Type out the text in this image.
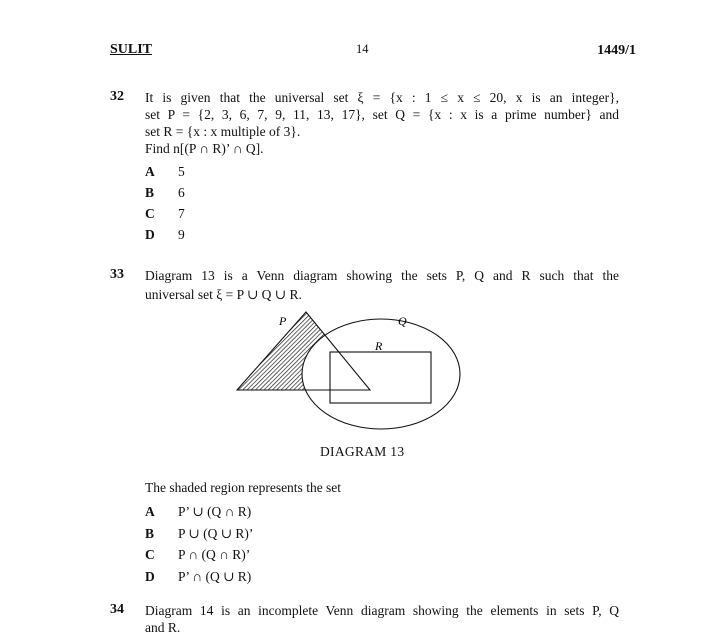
SULIT	14	1449/1
32 It is given that the universal set ξ = {x : 1 ≤ x ≤ 20, x is an integer},
set P = {2, 3, 6, 7, 9, 11, 13, 17}, set Q = {x : x is a prime number} and
set R = {x : x multiple of 3}.
Find n[(P ∩ R)’ ∩ Q].
A 5
B 6
C 7
D 9
33 Diagram 13 is a Venn diagram showing the sets P, Q and R such that the
universal set ξ = P ∪ Q ∪ R.
P	Q
R
DIAGRAM 13
The shaded region represents the set
A P’ ∪ (Q ∩ R)
B P ∪ (Q ∪ R)’
C P ∩ (Q ∩ R)’
D P’ ∩ (Q ∪ R)
34 Diagram 14 is an incomplete Venn diagram showing the elements in sets P, Q
and R.
